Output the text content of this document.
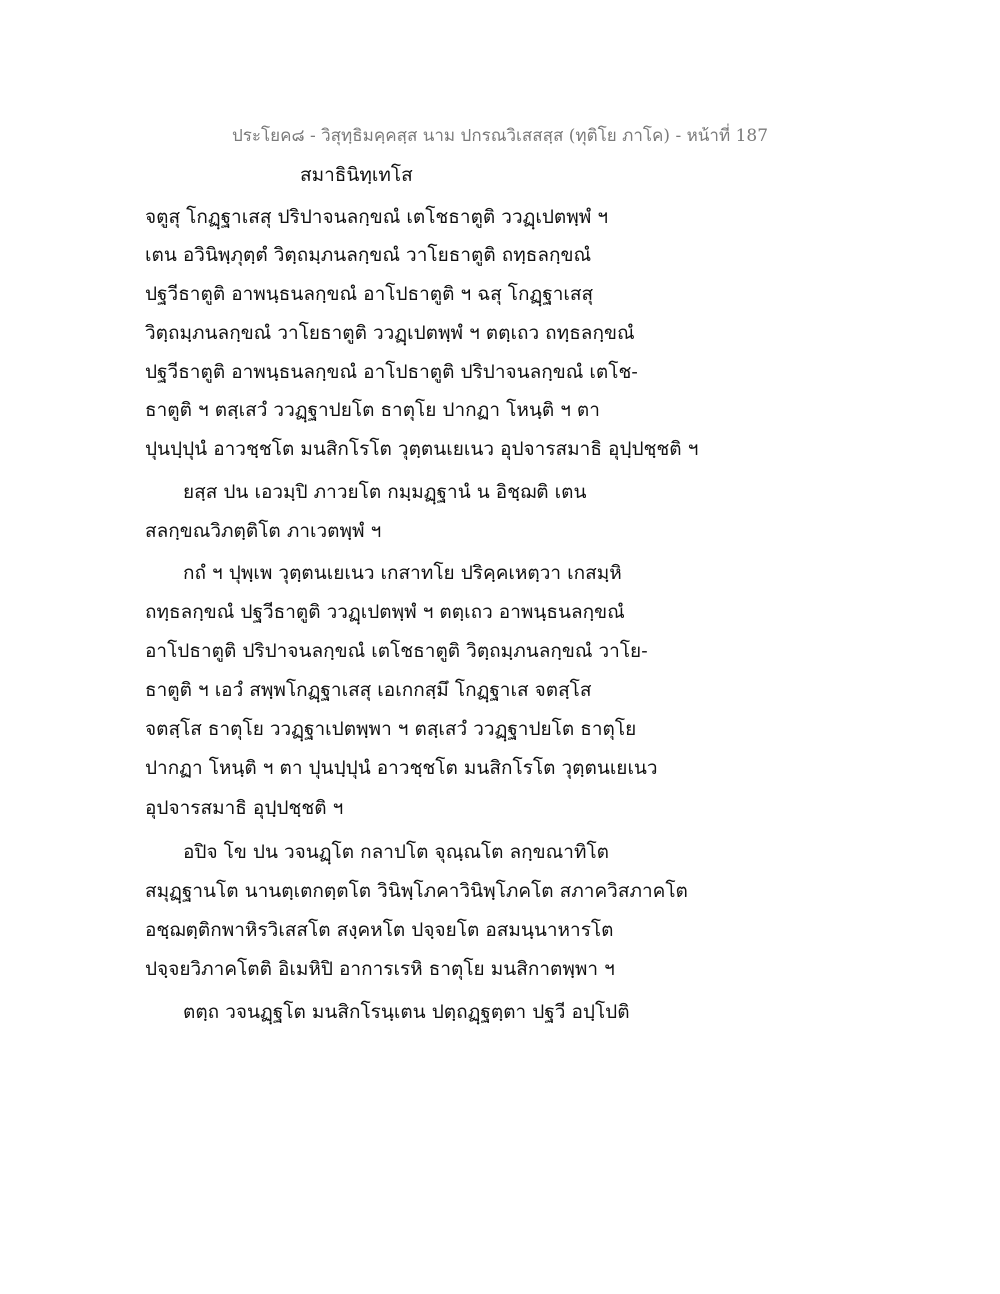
ประโยค๘ - วิสุทฺธิมคฺคสฺส นาม ปกรณวิเสสสฺส (ทุติโย ภาโค) - หน้าที่ 187
สมาธินิทฺเทโส
จตูสุ โกฏฺฐาเสสุ ปริปาจนลกฺขณํ เตโชธาตูติ ววฏฺเปตพฺพํ ฯ
เตน อวินิพฺภุตฺตํ วิตฺถมฺภนลกฺขณํ วาโยธาตูติ ถทฺธลกฺขณํ
ปฐวีธาตูติ อาพนฺธนลกฺขณํ อาโปธาตูติ ฯ ฉสุ โกฏฺฐาเสสุ
วิตฺถมฺภนลกฺขณํ วาโยธาตูติ ววฏฺเปตพฺพํ ฯ ตตฺเถว ถทฺธลกฺขณํ
ปฐวีธาตูติ อาพนฺธนลกฺขณํ อาโปธาตูติ ปริปาจนลกฺขณํ เตโช-
ธาตูติ ฯ ตสฺเสวํ ววฏฺฐาปยโต ธาตุโย ปากฏา โหนฺติ ฯ ตา
ปุนปฺปุนํ อาวชฺชโต มนสิกโรโต วุตฺตนเยเนว อุปจารสมาธิ อุปฺปชฺชติ ฯ
ยสฺส ปน เอวมฺปิ ภาวยโต กมฺมฏฺฐานํ น อิชฺฌติ เตน
สลกฺขณวิภตฺติโต ภาเวตพฺพํ ฯ
กถํ ฯ ปุพฺเพ วุตฺตนเยเนว เกสาทโย ปริคฺคเหตฺวา เกสมฺหิ
ถทฺธลกฺขณํ ปฐวีธาตูติ ววฏฺเปตพฺพํ ฯ ตตฺเถว อาพนฺธนลกฺขณํ
อาโปธาตูติ ปริปาจนลกฺขณํ เตโชธาตูติ วิตฺถมฺภนลกฺขณํ วาโย-
ธาตูติ ฯ เอวํ สพฺพโกฏฺฐาเสสุ เอเกกสฺมึ โกฏฺฐาเส จตสฺโส
จตสฺโส ธาตุโย ววฏฺฐาเปตพฺพา ฯ ตสฺเสวํ ววฏฺฐาปยโต ธาตุโย
ปากฏา โหนฺติ ฯ ตา ปุนปฺปุนํ อาวชฺชโต มนสิกโรโต วุตฺตนเยเนว
อุปจารสมาธิ อุปฺปชฺชติ ฯ
อปิจ โข ปน วจนฏฺโต กลาปโต จุณฺณโต ลกฺขณาทิโต
สมุฏฺฐานโต นานตฺเตกตฺตโต วินิพฺโภคาวินิพฺโภคโต สภาควิสภาคโต
อชฺฌตฺติกพาหิรวิเสสโต สงฺคหโต ปจฺจยโต อสมนฺนาหารโต
ปจฺจยวิภาคโตติ อิเมหิปิ อาการเรหิ ธาตุโย มนสิกาตพฺพา ฯ
ตตฺถ วจนฏฺฐโต มนสิกโรนฺเตน ปตฺถฏฺฐตฺตา ปฐวี อปฺโปติ
